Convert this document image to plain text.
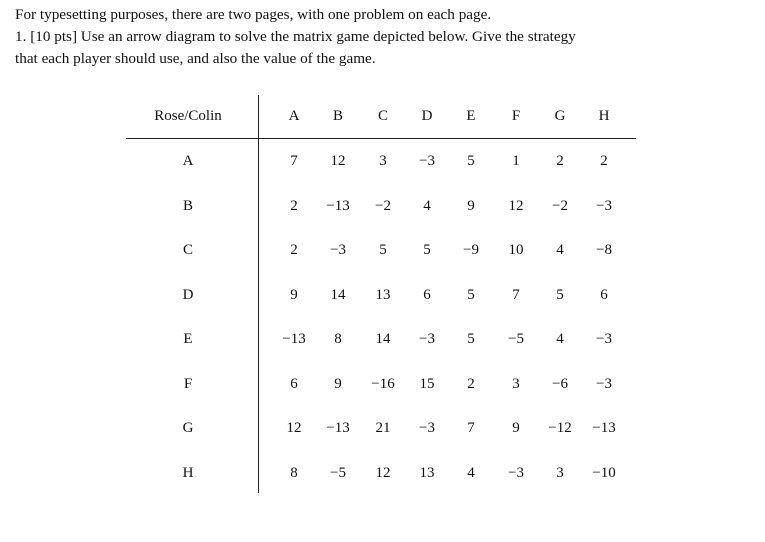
For typesetting purposes, there are two pages, with one problem on each page.

1. [10 pts] Use an arrow diagram to solve the matrix game depicted below. Give the strategy

that each player should use, and also the value of the game.

Rose/Colin	A B C D E F G H
A	7 12 3 −3 5	1 2 2
B	2 −13 −2 4 9 12 −2 −3
C	2 −3 5 5 −9 10 4 −8
D	9 14 13 6 5	7 5 6
E	−13 8 14 −3 5 −5 4 −3
F	6 9 −16 15 2	3 −6 −3
G	12 −13 21 −3 7	9 −12 −13
H	8 −5 12 13 4 −3 3 −10
